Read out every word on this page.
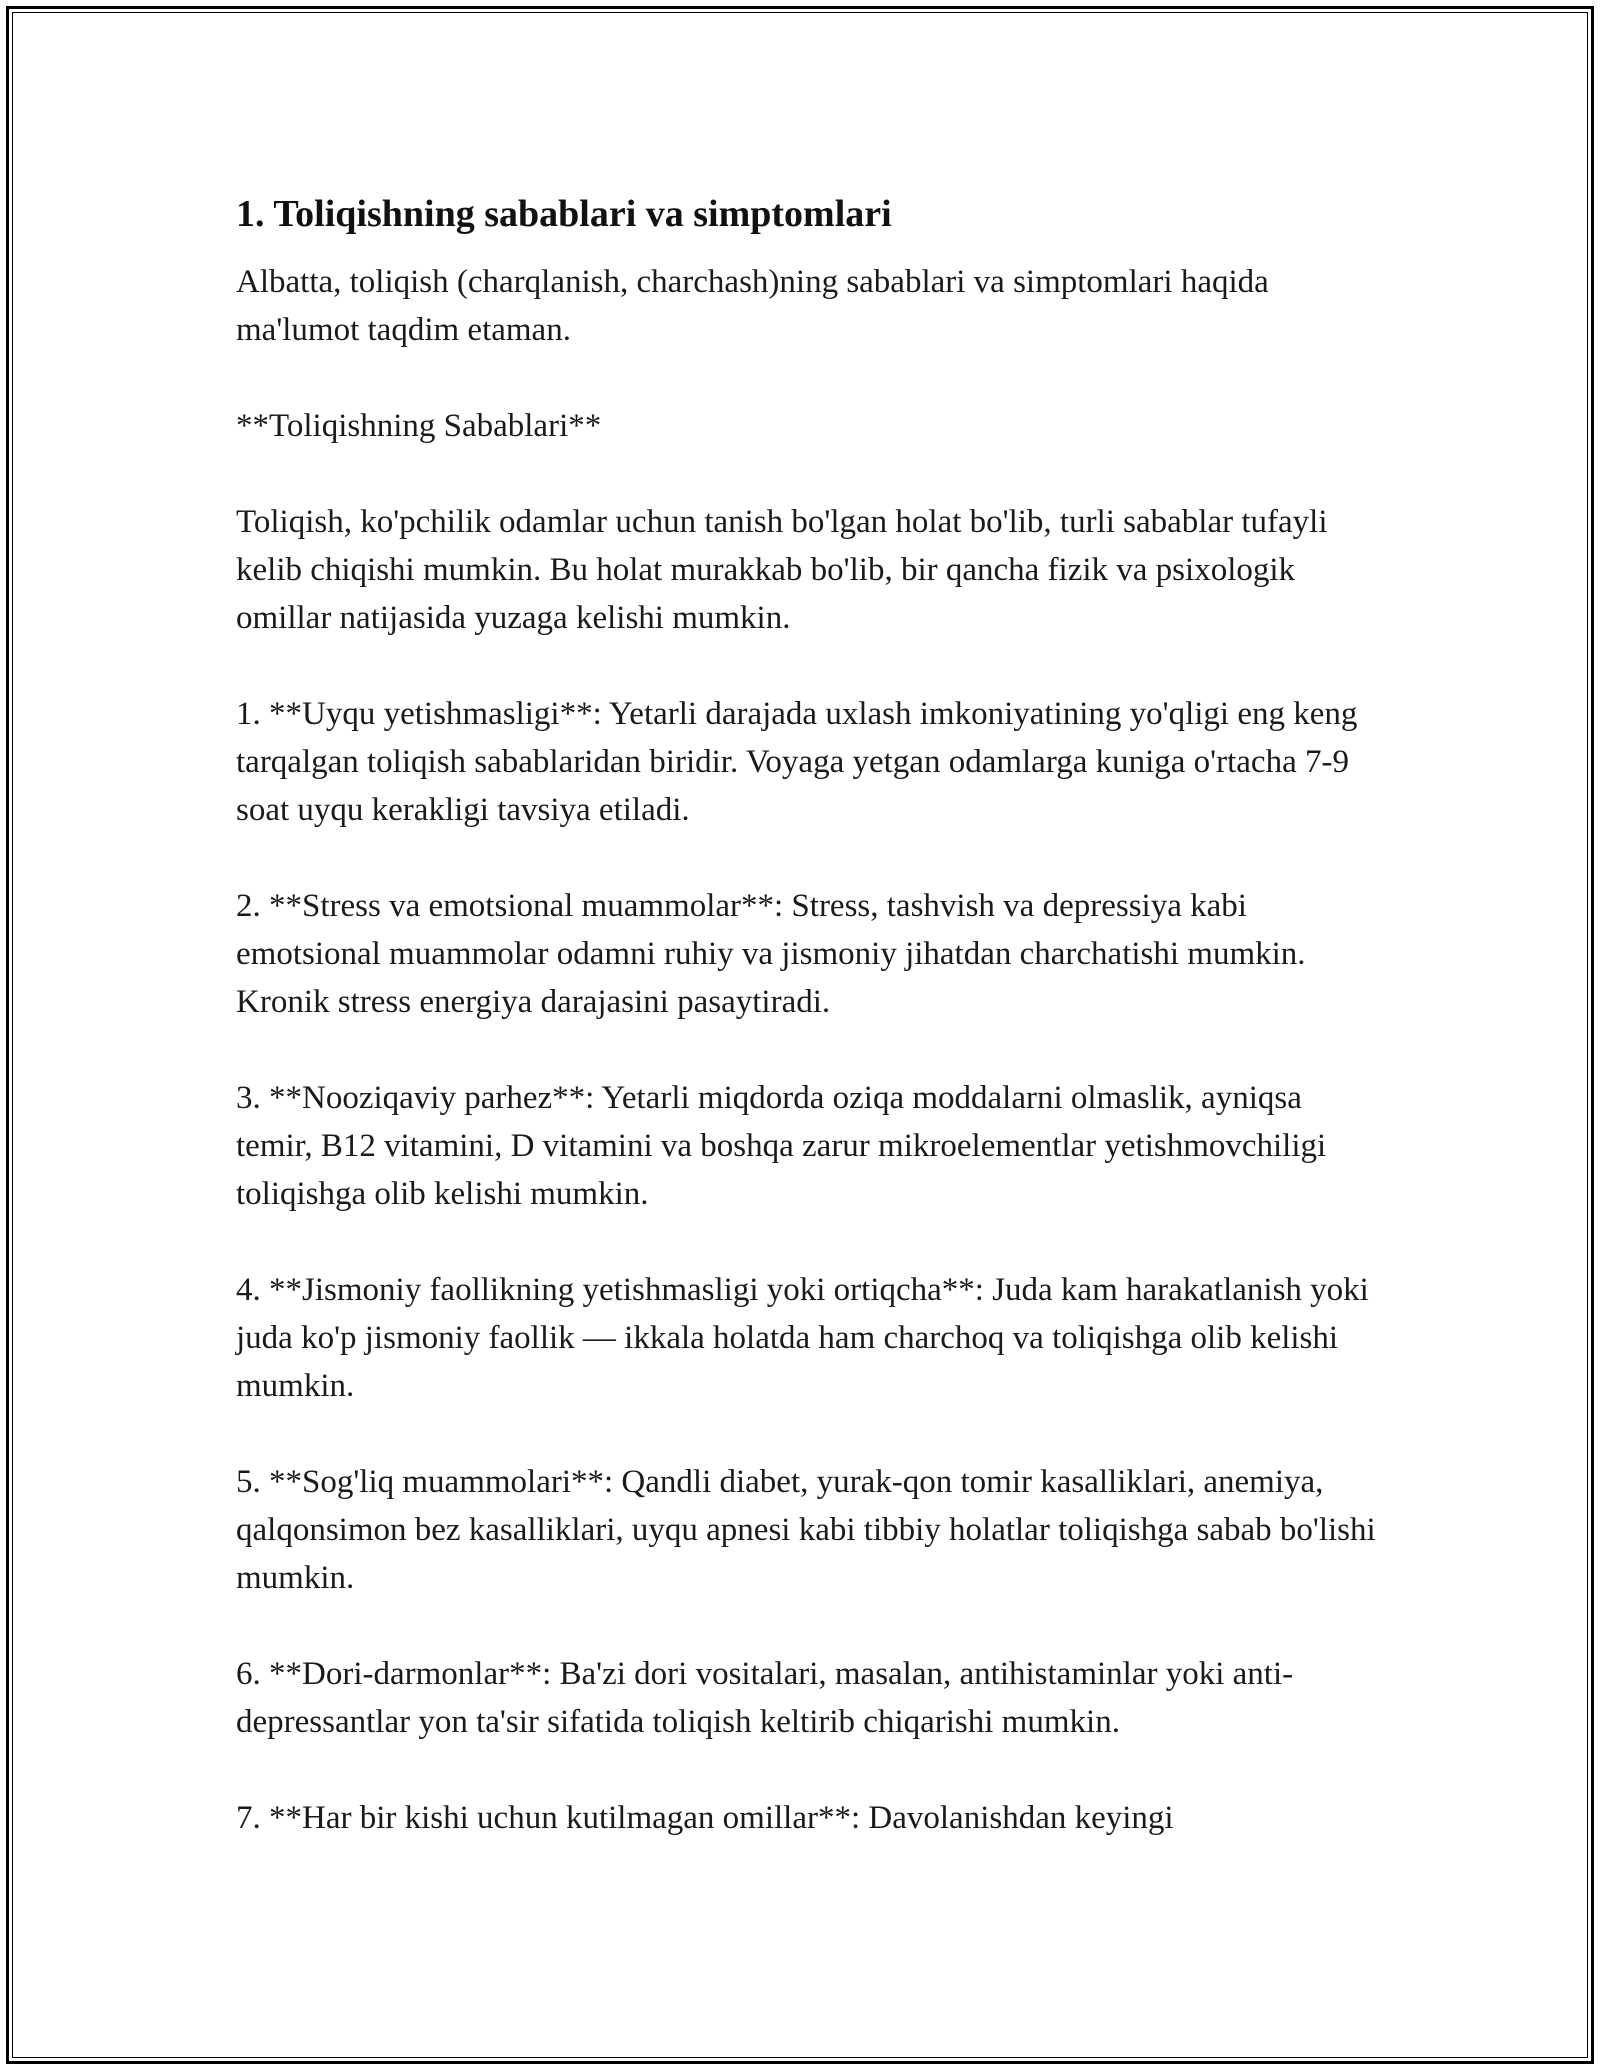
1. Toliqishning sabablari va simptomlari

Albatta, toliqish (charqlanish, charchash)ning sabablari va simptomlari haqida ma'lumot taqdim etaman.

**Toliqishning Sabablari**

Toliqish, ko'pchilik odamlar uchun tanish bo'lgan holat bo'lib, turli sabablar tufayli kelib chiqishi mumkin. Bu holat murakkab bo'lib, bir qancha fizik va psixologik omillar natijasida yuzaga kelishi mumkin.

1. **Uyqu yetishmasligi**: Yetarli darajada uxlash imkoniyatining yo'qligi eng keng tarqalgan toliqish sabablaridan biridir. Voyaga yetgan odamlarga kuniga o'rtacha 7-9 soat uyqu kerakligi tavsiya etiladi.

2. **Stress va emotsional muammolar**: Stress, tashvish va depressiya kabi emotsional muammolar odamni ruhiy va jismoniy jihatdan charchatishi mumkin. Kronik stress energiya darajasini pasaytiradi.

3. **Nooziqaviy parhez**: Yetarli miqdorda oziqa moddalarni olmaslik, ayniqsa temir, B12 vitamini, D vitamini va boshqa zarur mikroelementlar yetishmovchiligi toliqishga olib kelishi mumkin.

4. **Jismoniy faollikning yetishmasligi yoki ortiqcha**: Juda kam harakatlanish yoki juda ko'p jismoniy faollik — ikkala holatda ham charchoq va toliqishga olib kelishi mumkin.

5. **Sog'liq muammolari**: Qandli diabet, yurak-qon tomir kasalliklari, anemiya, qalqonsimon bez kasalliklari, uyqu apnesi kabi tibbiy holatlar toliqishga sabab bo'lishi mumkin.

6. **Dori-darmonlar**: Ba'zi dori vositalari, masalan, antihistaminlar yoki anti-depressantlar yon ta'sir sifatida toliqish keltirib chiqarishi mumkin.

7. **Har bir kishi uchun kutilmagan omillar**: Davolanishdan keyingi
